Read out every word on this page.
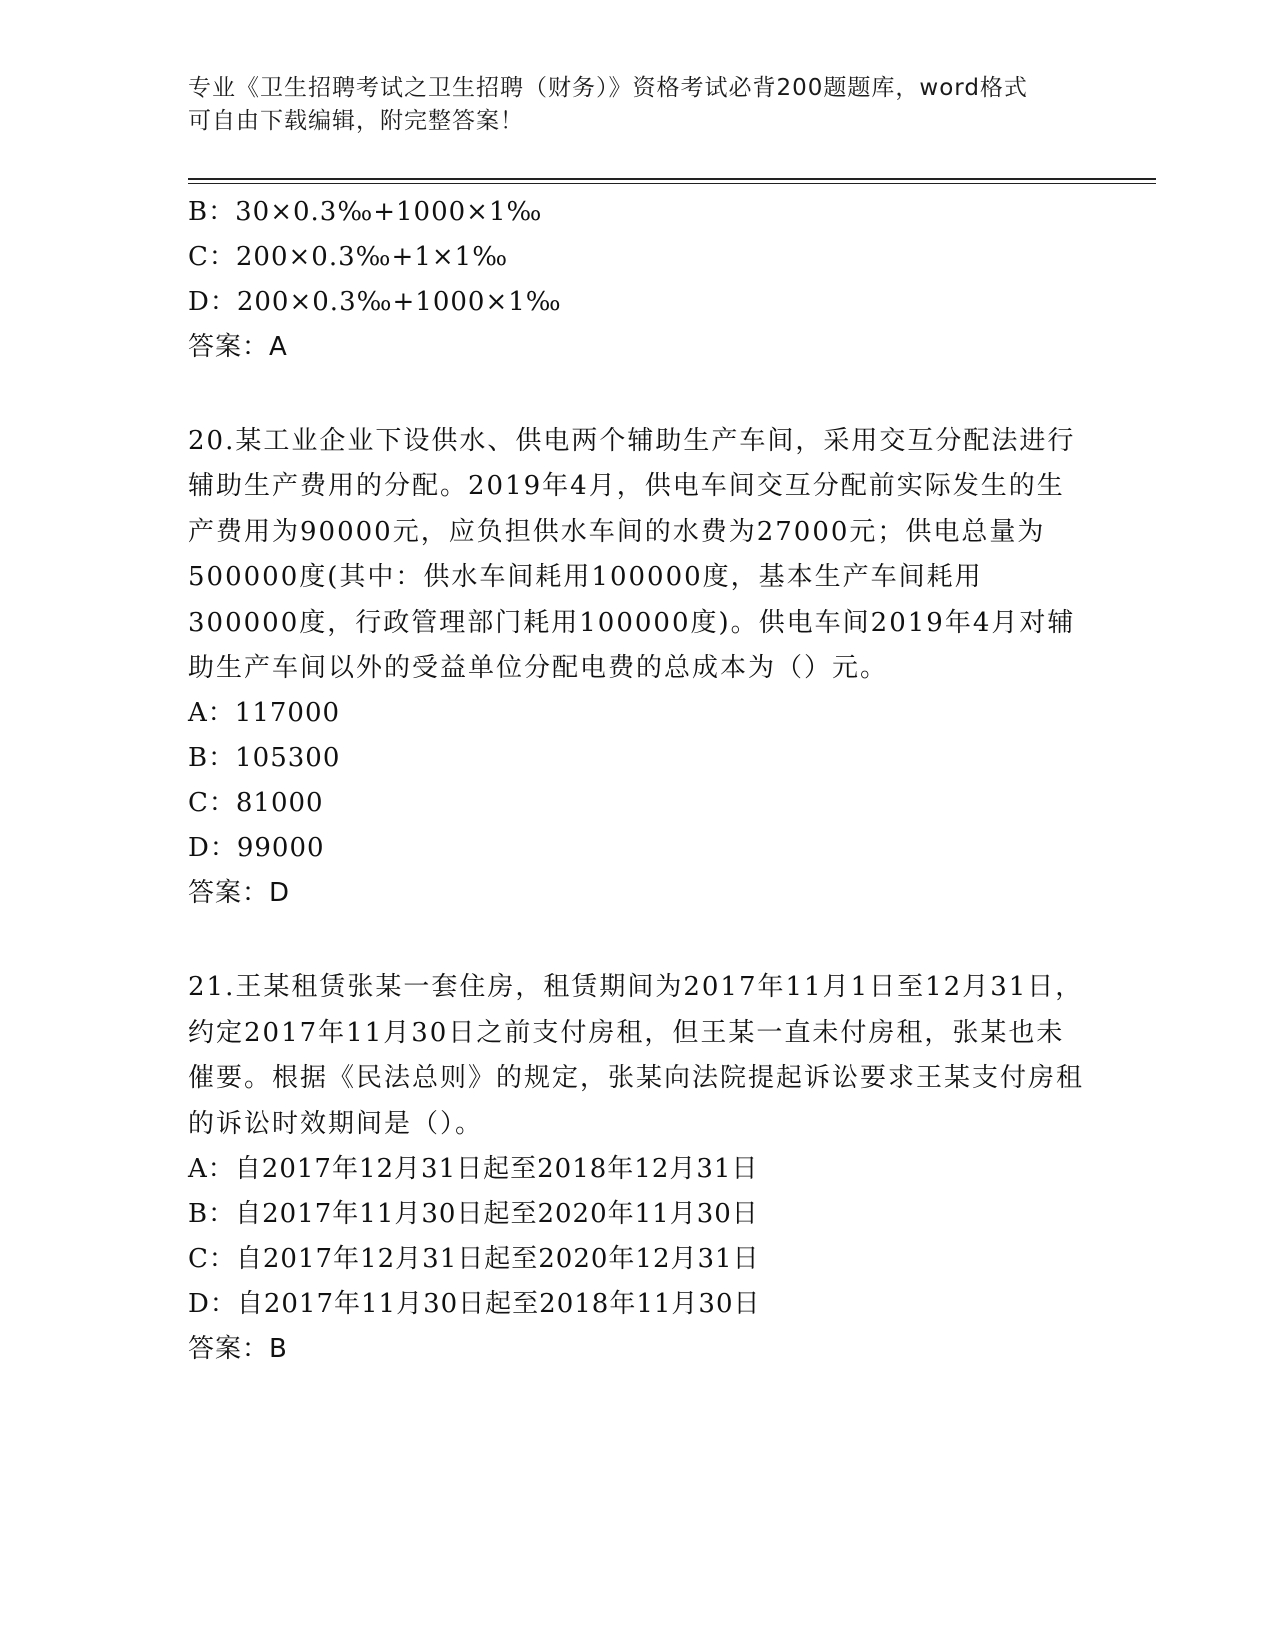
专业《卫生招聘考试之卫生招聘（财务）》资格考试必背200题题库，word格式
可自由下载编辑，附完整答案！
B：30×0.3‰+1000×1‰
C：200×0.3‰+1×1‰
D：200×0.3‰+1000×1‰
答案：A
20.某工业企业下设供水、供电两个辅助生产车间，采用交互分配法进行辅助生产费用的分配。2019年4月，供电车间交互分配前实际发生的生产费用为90000元，应负担供水车间的水费为27000元；供电总量为500000度(其中：供水车间耗用100000度，基本生产车间耗用300000度，行政管理部门耗用100000度)。供电车间2019年4月对辅助生产车间以外的受益单位分配电费的总成本为（）元。
A：117000
B：105300
C：81000
D：99000
答案：D
21.王某租赁张某一套住房，租赁期间为2017年11月1日至12月31日，约定2017年11月30日之前支付房租，但王某一直未付房租，张某也未催要。根据《民法总则》的规定，张某向法院提起诉讼要求王某支付房租的诉讼时效期间是（）。
A：自2017年12月31日起至2018年12月31日
B：自2017年11月30日起至2020年11月30日
C：自2017年12月31日起至2020年12月31日
D：自2017年11月30日起至2018年11月30日
答案：B
